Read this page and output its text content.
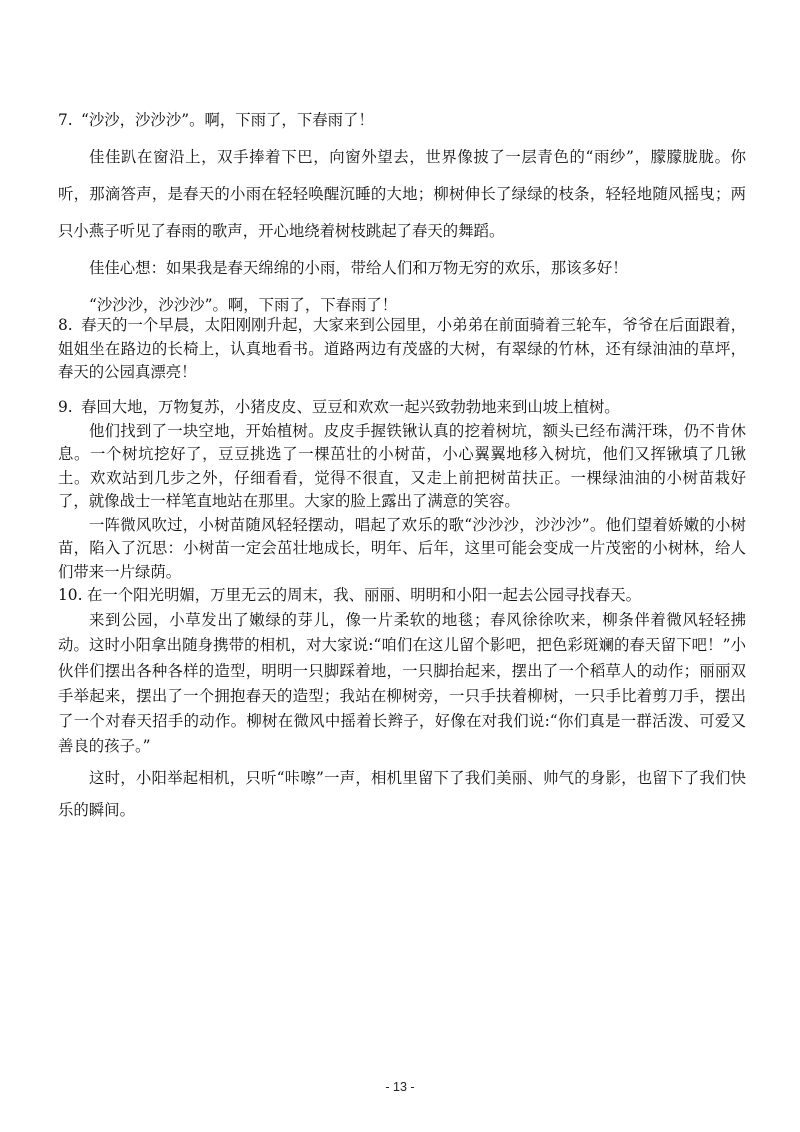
7. “沙沙，沙沙沙”。啊，下雨了，下春雨了！

佳佳趴在窗沿上，双手捧着下巴，向窗外望去，世界像披了一层青色的“雨纱”，朦朦胧胧。你听，那滴答声，是春天的小雨在轻轻唤醒沉睡的大地；柳树伸长了绿绿的枝条，轻轻地随风摇曳；两只小燕子听见了春雨的歌声，开心地绕着树枝跳起了春天的舞蹈。

佳佳心想：如果我是春天绵绵的小雨，带给人们和万物无穷的欢乐，那该多好！

“沙沙沙，沙沙沙”。啊，下雨了，下春雨了！

8. 春天的一个早晨，太阳刚刚升起，大家来到公园里，小弟弟在前面骑着三轮车，爷爷在后面跟着，姐姐坐在路边的长椅上，认真地看书。道路两边有茂盛的大树，有翠绿的竹林，还有绿油油的草坪，春天的公园真漂亮！

9. 春回大地，万物复苏，小猪皮皮、豆豆和欢欢一起兴致勃勃地来到山坡上植树。

他们找到了一块空地，开始植树。皮皮手握铁锹认真的挖着树坑，额头已经布满汗珠，仍不肯休息。一个树坑挖好了，豆豆挑选了一棵茁壮的小树苗，小心翼翼地移入树坑，他们又挥锹填了几锹土。欢欢站到几步之外，仔细看看，觉得不很直，又走上前把树苗扶正。一棵绿油油的小树苗栽好了，就像战士一样笔直地站在那里。大家的脸上露出了满意的笑容。

一阵微风吹过，小树苗随风轻轻摆动，唱起了欢乐的歌“沙沙沙，沙沙沙”。他们望着娇嫩的小树苗，陷入了沉思：小树苗一定会茁壮地成长，明年、后年，这里可能会变成一片茂密的小树林，给人们带来一片绿荫。

10. 在一个阳光明媚，万里无云的周末，我、丽丽、明明和小阳一起去公园寻找春天。

来到公园，小草发出了嫩绿的芽儿，像一片柔软的地毯；春风徐徐吹来，柳条伴着微风轻轻拂动。这时小阳拿出随身携带的相机，对大家说:“咱们在这儿留个影吧，把色彩斑斓的春天留下吧！”小伙伴们摆出各种各样的造型，明明一只脚踩着地，一只脚抬起来，摆出了一个稻草人的动作；丽丽双手举起来，摆出了一个拥抱春天的造型；我站在柳树旁，一只手扶着柳树，一只手比着剪刀手，摆出了一个对春天招手的动作。柳树在微风中摇着长辫子，好像在对我们说:“你们真是一群活泼、可爱又善良的孩子。”

这时，小阳举起相机，只听“咔嚓”一声，相机里留下了我们美丽、帅气的身影，也留下了我们快乐的瞬间。

- 13 -
